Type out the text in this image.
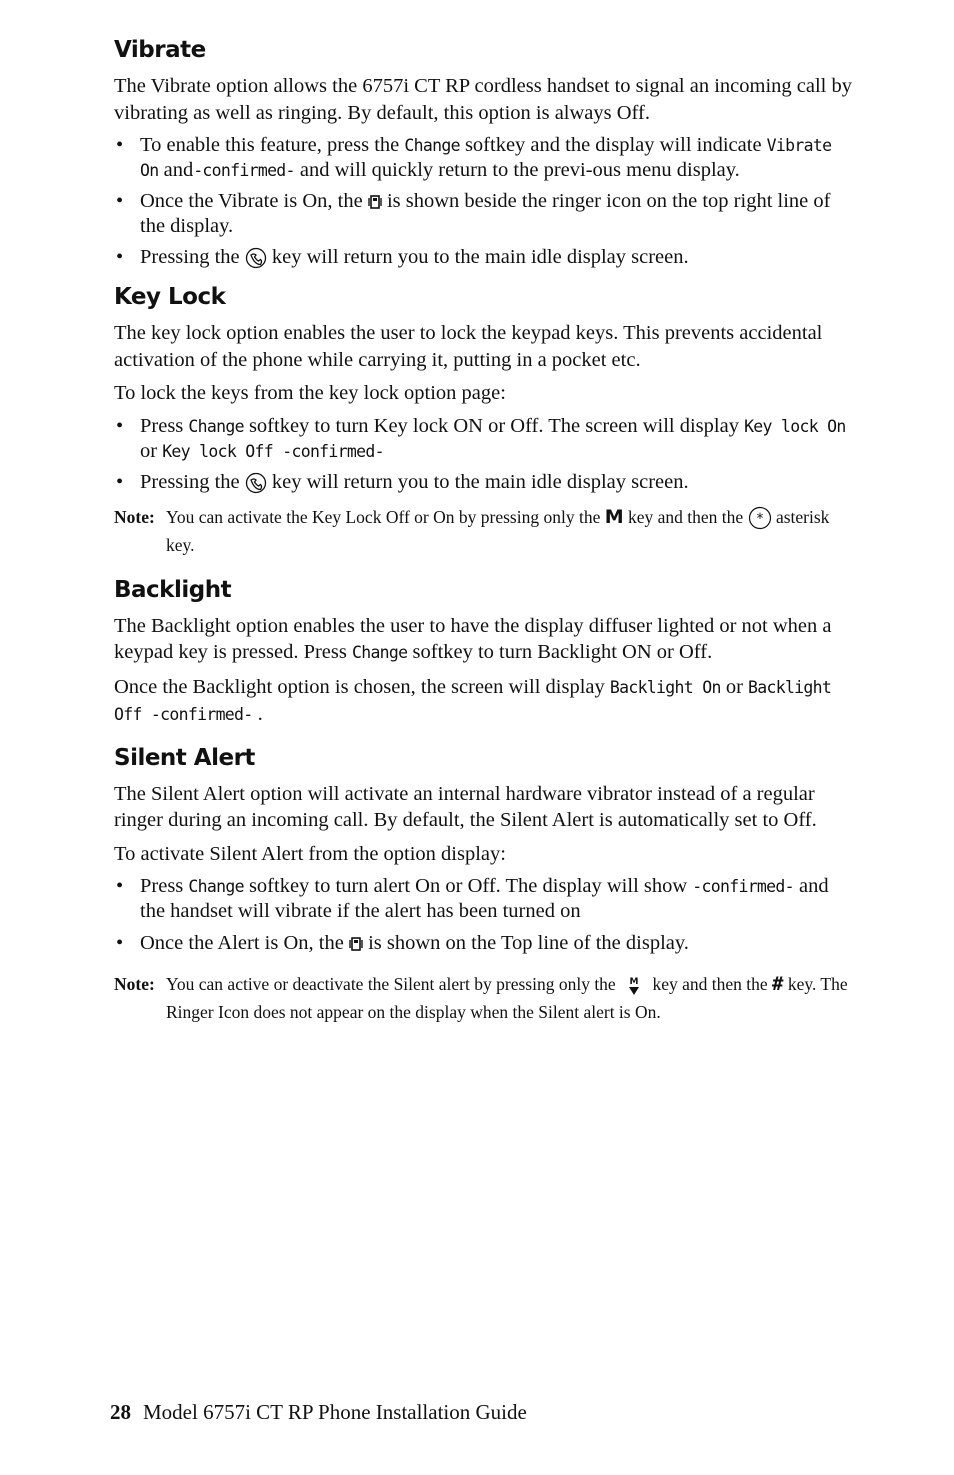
Vibrate

The Vibrate option allows the 6757i CT RP cordless handset to signal an incoming call by vibrating as well as ringing. By default, this option is always Off.

• To enable this feature, press the Change softkey and the display will indicate Vibrate On and-confirmed- and will quickly return to the previ-ous menu display.
• Once the Vibrate is On, the  is shown beside the ringer icon on the top right line of the display.
• Pressing the  key will return you to the main idle display screen.
Key Lock

The key lock option enables the user to lock the keypad keys. This prevents accidental activation of the phone while carrying it, putting in a pocket etc.

To lock the keys from the key lock option page:

• Press Change softkey to turn Key lock ON or Off. The screen will display Key lock On or Key lock Off -confirmed-
• Pressing the  key will return you to the main idle display screen.
Note: You can activate the Key Lock Off or On by pressing only the M key and then the * asterisk key.
Backlight

The Backlight option enables the user to have the display diffuser lighted or not when a keypad key is pressed. Press Change softkey to turn Backlight ON or Off.

Once the Backlight option is chosen, the screen will display Backlight On or Backlight Off -confirmed- .

Silent Alert

The Silent Alert option will activate an internal hardware vibrator instead of a regular ringer during an incoming call. By default, the Silent Alert is automatically set to Off.

To activate Silent Alert from the option display:

• Press Change softkey to turn alert On or Off. The display will show -confirmed- and the handset will vibrate if the alert has been turned on
• Once the Alert is On, the  is shown on the Top line of the display.
Note: You can active or deactivate the Silent alert by pressing only the M key and then the # key. The Ringer Icon does not appear on the display when the Silent alert is On.
28 Model 6757i CT RP Phone Installation Guide
